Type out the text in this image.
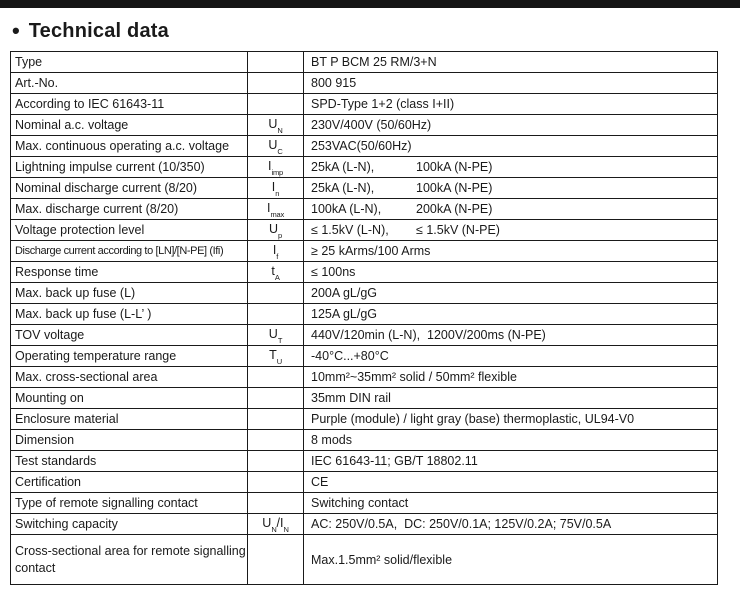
• Technical data
Type		BT P BCM 25 RM/3+N
Art.-No.		800 915
According to IEC 61643-11		SPD-Type 1+2 (class I+II)
Nominal a.c. voltage	$U_N$	230V/400V (50/60Hz)
Max. continuous operating a.c. voltage	$U_C$	253VAC(50/60Hz)
Lightning impulse current (10/350)	$I_{imp}$	25kA (L-N), 100kA (N-PE)
Nominal discharge current (8/20)	$I_n$	25kA (L-N), 100kA (N-PE)
Max. discharge current (8/20)	$I_{max}$	100kA (L-N), 200kA (N-PE)
Voltage protection level	$U_p$	≤ 1.5kV (L-N), ≤ 1.5kV (N-PE)
Discharge current according to [LN]/[N-PE] (Ifi)	$I_f$	≥ 25 kArms/100 Arms
Response time	$t_A$	≤ 100ns
Max. back up fuse (L)		200A gL/gG
Max. back up fuse (L-L’ )		125A gL/gG
TOV voltage	$U_T$	440V/120min (L-N),  1200V/200ms (N-PE)
Operating temperature range	$T_U$	-40°C...+80°C
Max. cross-sectional area		10mm²~35mm² solid / 50mm² flexible
Mounting on		35mm DIN rail
Enclosure material		Purple (module) / light gray (base) thermoplastic, UL94-V0
Dimension		8 mods
Test standards		IEC 61643-11; GB/T 18802.11
Certification		CE
Type of remote signalling contact		Switching contact
Switching capacity	$U_N/I_N$	AC: 250V/0.5A,  DC: 250V/0.1A; 125V/0.2A; 75V/0.5A
Cross-sectional area for remote signalling contact		Max.1.5mm² solid/flexible
